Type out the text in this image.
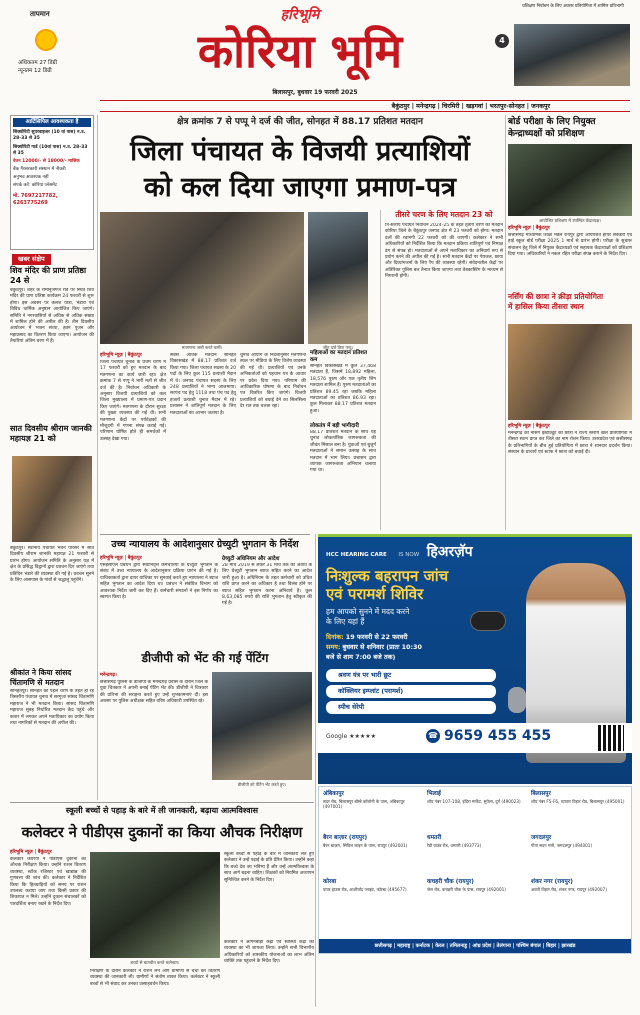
तापमान
अधिकतम 27 डिग्री
न्यूनतम 12 डिग्री
हरिभूमि
कोरिया भूमि
बिलासपुर, बुधवार 19 फरवरी 2025
4
प्रशिक्षण निर्वाचन के लिए अवसर प्रतियोगिता में शामिल प्रतिभागी
बैकुंठपुर | मनेन्द्रगढ़ | चिरमिरी | खड़गवां | भरतपुर-सोनहत | जनकपुर
आर्टिसिपिल आवश्यकता है
सिक्योरिटी सुपरवाइजर (10 वां पास) न.उ. 28-33 से 35
सिक्योरिटी गार्ड (10वां पास) न.उ. 28-33 से 35
वेतन 12000/- से 18000/- मासिक
बैंक गैरसरकारी संस्थान में नौकरी
अनुभव आवश्यक नहीं
संपर्क करें: कोरिया प्लेसमेंट
मो. 7697217782, 6263775269
खबर संक्षेप
शिव मंदिर की प्राण प्रतिष्ठा 24 से
बैकुंठपुर। शहर के रामानुजगंज रोड पर स्थित शिव मंदिर की प्राण प्रतिष्ठा कार्यक्रम 24 फरवरी से शुरू होगा। इस अवसर पर कलश यात्रा, भंडारा एवं विविध धार्मिक अनुष्ठान आयोजित किए जाएंगे। समिति ने नगरवासियों से अधिक से अधिक संख्या में शामिल होने की अपील की है। तीन दिवसीय आयोजन में भजन संध्या, हवन पूजन और महाप्रसाद का वितरण किया जाएगा। आयोजन की तैयारियां अंतिम चरण में हैं।
सात दिवसीय श्रीराम जानकी महायज्ञ 21 को
बैकुंठपुर। स्थानीय पंचायत भवन परिसर में सात दिवसीय श्रीराम जानकी महायज्ञ 21 फरवरी से प्रारंभ होगा। आयोजन समिति के अनुसार यज्ञ में क्षेत्र के प्रसिद्ध विद्वानों द्वारा प्रवचन दिए जाएंगे तथा प्रतिदिन भंडारे की व्यवस्था की गई है। प्रवचन सुनने के लिए आसपास के गांवों से श्रद्धालु पहुंचेंगे।
श्रीकांत ने किया सांसद चिंतामणि से मतदान
सोनहतपुर। सोनहत को पहले चरण के तहत हो रहे त्रिस्तरीय पंचायत चुनाव में सरगुजा सांसद चिंतामणि महाराज ने भी मतदान किया। सांसद चिंतामणि महाराज सुबह निर्धारित मतदान केंद्र पहुंचे और कतार में लगकर अपने मताधिकार का प्रयोग किया तथा नागरिकों से मतदान की अपील की।
क्षेत्र क्रमांक 7 से पप्पू ने दर्ज की जीत, सोनहत में 88.17 प्रतिशत मतदान
जिला पंचायत के विजयी प्रत्याशियों
को कल दिया जाएगा प्रमाण-पत्र
मतगणना जारी करते कर्मी।	जीत दर्ज किए पप्पू।
हरिभूमि न्यूज़ | बैकुंठपुर
जिला पंचायत चुनाव के प्रथम चरण में 17 फरवरी को हुए मतदान के बाद मतगणना का कार्य जारी रहा। क्षेत्र क्रमांक 7 से पप्पू ने भारी मतों से जीत दर्ज की है। निर्वाचन अधिकारी के अनुसार विजयी प्रत्याशियों को कल जिला मुख्यालय में प्रमाण-पत्र प्रदान किए जाएंगे। मतगणना के दौरान सुरक्षा की पुख्ता व्यवस्था की गई थी। सभी मतगणना केंद्रों पर पर्यवेक्षकों की मौजूदगी में गणना संपन्न कराई गई। परिणाम घोषित होते ही समर्थकों में उत्साह देखा गया।
सबसे अधिक मतदान सोनहत विकासखंड में 88.17 प्रतिशत दर्ज किया गया। जिला पंचायत सदस्य के 20 पदों के लिए कुल 115 प्रत्याशी मैदान में थे। जनपद पंचायत सदस्य के लिए 248 प्रत्याशियों ने भाग्य आजमाया। सरपंच पद हेतु 1118 तथा पंच पद हेतु हजारों प्रत्याशी चुनाव मैदान में रहे। प्रशासन ने शांतिपूर्ण मतदान के लिए मतदाताओं का आभार जताया है।
चुनाव आयोग के निर्देशानुसार मतगणना स्थल पर मीडिया के लिए विशेष व्यवस्था की गई थी। प्रत्याशियों एवं उनके अभिकर्ताओं को पहचान पत्र के आधार पर प्रवेश दिया गया। परिणाम की आधिकारिक घोषणा के बाद निर्वाचन पत्र वितरित किए जाएंगे। विजयी प्रत्याशियों को बधाई देने का सिलसिला देर रात तक चलता रहा।
महिलाओं का मतदान प्रतिशत कम
सोनहत विकासखंड में कुल 37,468 मतदाता हैं, जिसमें 18,892 महिला, 18,576 पुरुष और एक तृतीय लिंग मतदाता शामिल हैं। पुरुष मतदाताओं का प्रतिशत 89.45 रहा जबकि महिला मतदाताओं का प्रतिशत 86.93 रहा। कुल मिलाकर 88.17 प्रतिशत मतदान हुआ।
लोकतंत्र में बड़ी भागीदारी
88.17 प्रतिशत मतदान के साथ यह चुनाव लोकतांत्रिक जागरूकता की जीवंत मिसाल बना है। युवाओं एवं बुजुर्ग मतदाताओं ने समान उत्साह के साथ मतदान में भाग लिया। प्रशासन द्वारा व्यापक जागरूकता अभियान चलाया गया था।
तीसरे चरण के लिए मतदान 23 को
त्रि-स्तरीय पंचायत निर्वाचन 2024-25 के तहत तृतीय चरण का मतदान कोरिया जिले के बैकुंठपुर जनपद क्षेत्र में 23 फरवरी को होगा। मतदान दलों की रवानगी 22 फरवरी को की जाएगी। कलेक्टर ने सभी अधिकारियों को निर्देशित किया कि मतदान प्रक्रिया शांतिपूर्ण एवं निष्पक्ष ढंग से संपन्न हो। मतदाताओं से अपने मताधिकार का अनिवार्य रूप से प्रयोग करने की अपील की गई है। सभी मतदान केंद्रों पर पेयजल, छाया और दिव्यांगजनों के लिए रैंप की व्यवस्था रहेगी। संवेदनशील केंद्रों पर अतिरिक्त पुलिस बल तैनात किया जाएगा तथा वेबकास्टिंग के माध्यम से निगरानी होगी।
बोर्ड परीक्षा के लिए नियुक्त
केन्द्राध्यक्षों को प्रशिक्षण
आयोजित प्रशिक्षण में उपस्थित केंद्राध्यक्ष।
हरिभूमि न्यूज़ | बैकुंठपुर
छत्तीसगढ़ माध्यमिक शिक्षा मंडल रायपुर द्वारा आयोजित हायर सेकंडरी एवं हाई स्कूल बोर्ड परीक्षा 2025 1 मार्च से प्रारंभ होगी। परीक्षा के सुचारू संचालन हेतु जिले में नियुक्त केंद्राध्यक्षों एवं सहायक केंद्राध्यक्षों को प्रशिक्षण दिया गया। अधिकारियों ने नकल रहित परीक्षा संपन्न कराने के निर्देश दिए।
नर्सिंग की छात्रा ने क्रीड़ा प्रतियोगिता
में हासिल किया तीसरा स्थान
हरिभूमि न्यूज़ | बैकुंठपुर
मनेन्द्रगढ़ की नर्सिंग इंस्टीट्यूट की छात्रा ने राज्य स्तरीय खेल प्रतियोगिता में तीसरा स्थान प्राप्त कर जिले का नाम रोशन किया। उत्तरप्रदेश एवं छत्तीसगढ़ के प्रतिभागियों के बीच हुई प्रतियोगिता में छात्रा ने शानदार प्रदर्शन किया। संस्थान के प्राचार्य एवं स्टाफ ने छात्रा को बधाई दी।
उच्च न्यायालय के आदेशानुसार ग्रेच्युटी भुगतान के निर्देश
हरिभूमि न्यूज़ | बैकुंठपुर
एसईसीएल प्रबंधन द्वारा सेवानिवृत्त कर्मचारियों के ग्रेच्युटी भुगतान के संबंध में उच्च न्यायालय के आदेशानुसार प्रक्रिया प्रारंभ की गई है। याचिकाकर्ता द्वारा दायर याचिका पर सुनवाई करते हुए न्यायालय ने ब्याज सहित भुगतान का आदेश दिया था। प्रबंधन ने संबंधित विभाग को आवश्यक निर्देश जारी कर दिए हैं। कर्मचारी संगठनों ने इस निर्णय का स्वागत किया है।
ग्रेच्युटी अधिनियम और आदेश
28 मार्च 2019 से लेकर 31 मार्च तक की अवधि के लिए ग्रेच्युटी भुगतान ब्याज सहित करने का आदेश जारी हुआ है। अधिनियम के तहत कर्मचारी को उचित राशि प्राप्त करने का अधिकार है तथा विलंब होने पर ब्याज सहित भुगतान करना अनिवार्य है। कुल 8,63,085 रुपये की राशि भुगतान हेतु स्वीकृत की गई है।
डीजीपी को भेंट की गई पेंटिंग
मनेन्द्रगढ़।
छत्तीसगढ़ पुलिस के डीजीपी के मनेन्द्रगढ़ प्रवास के दौरान जिले के युवा चित्रकार ने अपनी बनाई पेंटिंग भेंट की। डीजीपी ने चित्रकार की प्रतिभा की सराहना करते हुए उन्हें शुभकामनाएं दीं। इस अवसर पर पुलिस अधीक्षक सहित वरिष्ठ अधिकारी उपस्थित रहे।
डीजीपी को पेंटिंग भेंट करते हुए।
HCC HEARING CARE IS NOW हिअरज़ॅप
निःशुल्क बहरापन जांच
एवं परामर्श शिविर
हम आपको सुनने में मदद करने
के लिए यहां हैं
दिनांक: 19 फरवरी से 22 फरवरी
समय: बुधवार से शनिवार (प्रातः 10:30
बजे से शाम 7:00 बजे तक)
श्रवण यंत्र पर भारी छूट
कॉक्लियर इम्प्लांट (परामर्श)
स्पीच थेरेपी
Google ★★★★★	☎ 9659 455 455
अंबिकापुर
सदर रोड, बिलासपुर बॉम्बे कॉलोनी के पास, अंबिकापुर (497001)
भिलाई
शॉप नंबर 107-108, इंदिरा मार्केट, सुपेला, दुर्ग (490023)
बिलासपुर
शॉप नंबर F5-F6, व्यापार विहार रोड, बिलासपुर (495001)
बैरन बाज़ार (रायपुर)
बैरन बाज़ार, सिविल लाइन के पास, रायपुर (492001)
धमतरी
रेडी ग्राउंड रोड, धमतरी (493773)
जगदलपुर
गीता सदन गली, जगदलपुर (494001)
कोरबा
पावर हाउस रोड, आशीर्वाद प्लाइंट, कोरबा (495677)
कचहरी चौक (रायपुर)
जेल रोड, कचहरी चौक के पास, रायपुर (492001)
शंकर नगर (रायपुर)
अवंती विहार रोड, शंकर नगर, रायपुर (492007)
छत्तीसगढ़ | महाराष्ट्र | कर्नाटक | केरल | तमिलनाडु | आंध्र प्रदेश | तेलंगाना | पश्चिम बंगाल | बिहार | झारखंड
स्कूली बच्चों से पहाड़ के बारे में ली जानकारी, बढ़ाया आत्मविश्वास
कलेक्टर ने पीडीएस दुकानों का किया औचक निरीक्षण
हरिभूमि न्यूज़ | बैकुंठपुर
कलेक्टर कोरिया ने पीडीएस दुकानों का औचक निरीक्षण किया। उन्होंने राशन वितरण व्यवस्था, स्टॉक रजिस्टर एवं खाद्यान्न की गुणवत्ता की जांच की। कलेक्टर ने निर्देशित किया कि हितग्राहियों को समय पर राशन उपलब्ध कराया जाए तथा किसी प्रकार की शिकायत न मिले। उन्होंने दुकान संचालकों को पारदर्शिता बनाए रखने के निर्देश दिए।
बच्चों से बातचीत करते कलेक्टर।
निरीक्षण के दौरान कलेक्टर ने राशन लेने आए ग्रामीणों से चर्चा कर वितरण व्यवस्था की जानकारी ली। ग्रामीणों ने संतोष व्यक्त किया। कलेक्टर ने स्कूली बच्चों से भी संवाद कर उनका उत्साहवर्धन किया।
स्कूली बच्चों से पहाड़ के बारे में जानकारी लेते हुए कलेक्टर ने उन्हें पढ़ाई के प्रति प्रेरित किया। उन्होंने कहा कि बच्चे देश का भविष्य हैं और उन्हें आत्मविश्वास के साथ आगे बढ़ना चाहिए। शिक्षकों को नियमित अध्यापन सुनिश्चित करने के निर्देश दिए।
कलेक्टर ने आंगनबाड़ी केंद्रों एवं स्वास्थ्य केंद्रों की व्यवस्था का भी जायजा लिया। उन्होंने सभी विभागीय अधिकारियों को शासकीय योजनाओं का लाभ अंतिम व्यक्ति तक पहुंचाने के निर्देश दिए।
